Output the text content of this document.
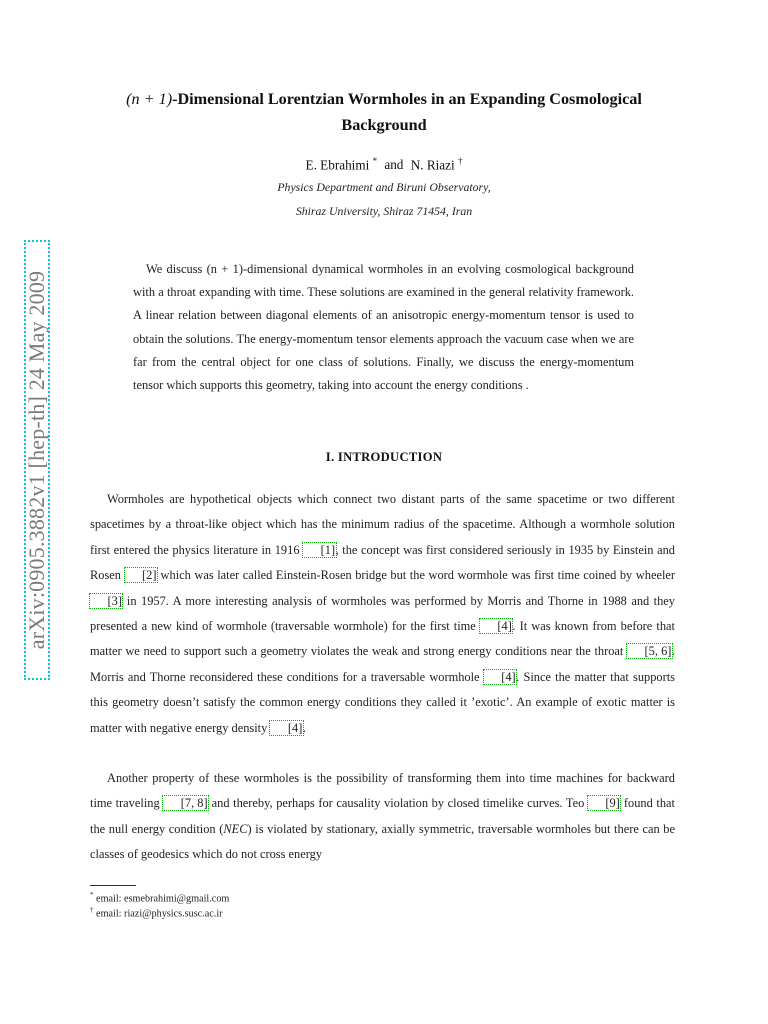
arXiv:0905.3882v1 [hep-th] 24 May 2009
(n + 1)-Dimensional Lorentzian Wormholes in an Expanding Cosmological
Background
E. Ebrahimi * and N. Riazi †
Physics Department and Biruni Observatory,
Shiraz University, Shiraz 71454, Iran
We discuss (n + 1)-dimensional dynamical wormholes in an evolving cosmological background with a throat expanding with time. These solutions are examined in the general relativity framework. A linear relation between diagonal elements of an anisotropic energy-momentum tensor is used to obtain the solutions. The energy-momentum tensor elements approach the vacuum case when we are far from the central object for one class of solutions. Finally, we discuss the energy-momentum tensor which supports this geometry, taking into account the energy conditions .
I. INTRODUCTION
Wormholes are hypothetical objects which connect two distant parts of the same spacetime or two different spacetimes by a throat-like object which has the minimum radius of the spacetime. Although a wormhole solution first entered the physics literature in 1916 [1], the concept was first considered seriously in 1935 by Einstein and Rosen [2] which was later called Einstein-Rosen bridge but the word wormhole was first time coined by wheeler [3] in 1957. A more interesting analysis of wormholes was performed by Morris and Thorne in 1988 and they presented a new kind of wormhole (traversable wormhole) for the first time [4]. It was known from before that matter we need to support such a geometry violates the weak and strong energy conditions near the throat [5, 6]. Morris and Thorne reconsidered these conditions for a traversable wormhole [4]. Since the matter that supports this geometry doesn’t satisfy the common energy conditions they called it ’exotic’. An example of exotic matter is matter with negative energy density [4].
Another property of these wormholes is the possibility of transforming them into time machines for backward time traveling [7, 8] and thereby, perhaps for causality violation by closed timelike curves. Teo [9] found that the null energy condition (NEC) is violated by stationary, axially symmetric, traversable wormholes but there can be classes of geodesics which do not cross energy
* email: esmebrahimi@gmail.com
† email: riazi@physics.susc.ac.ir
